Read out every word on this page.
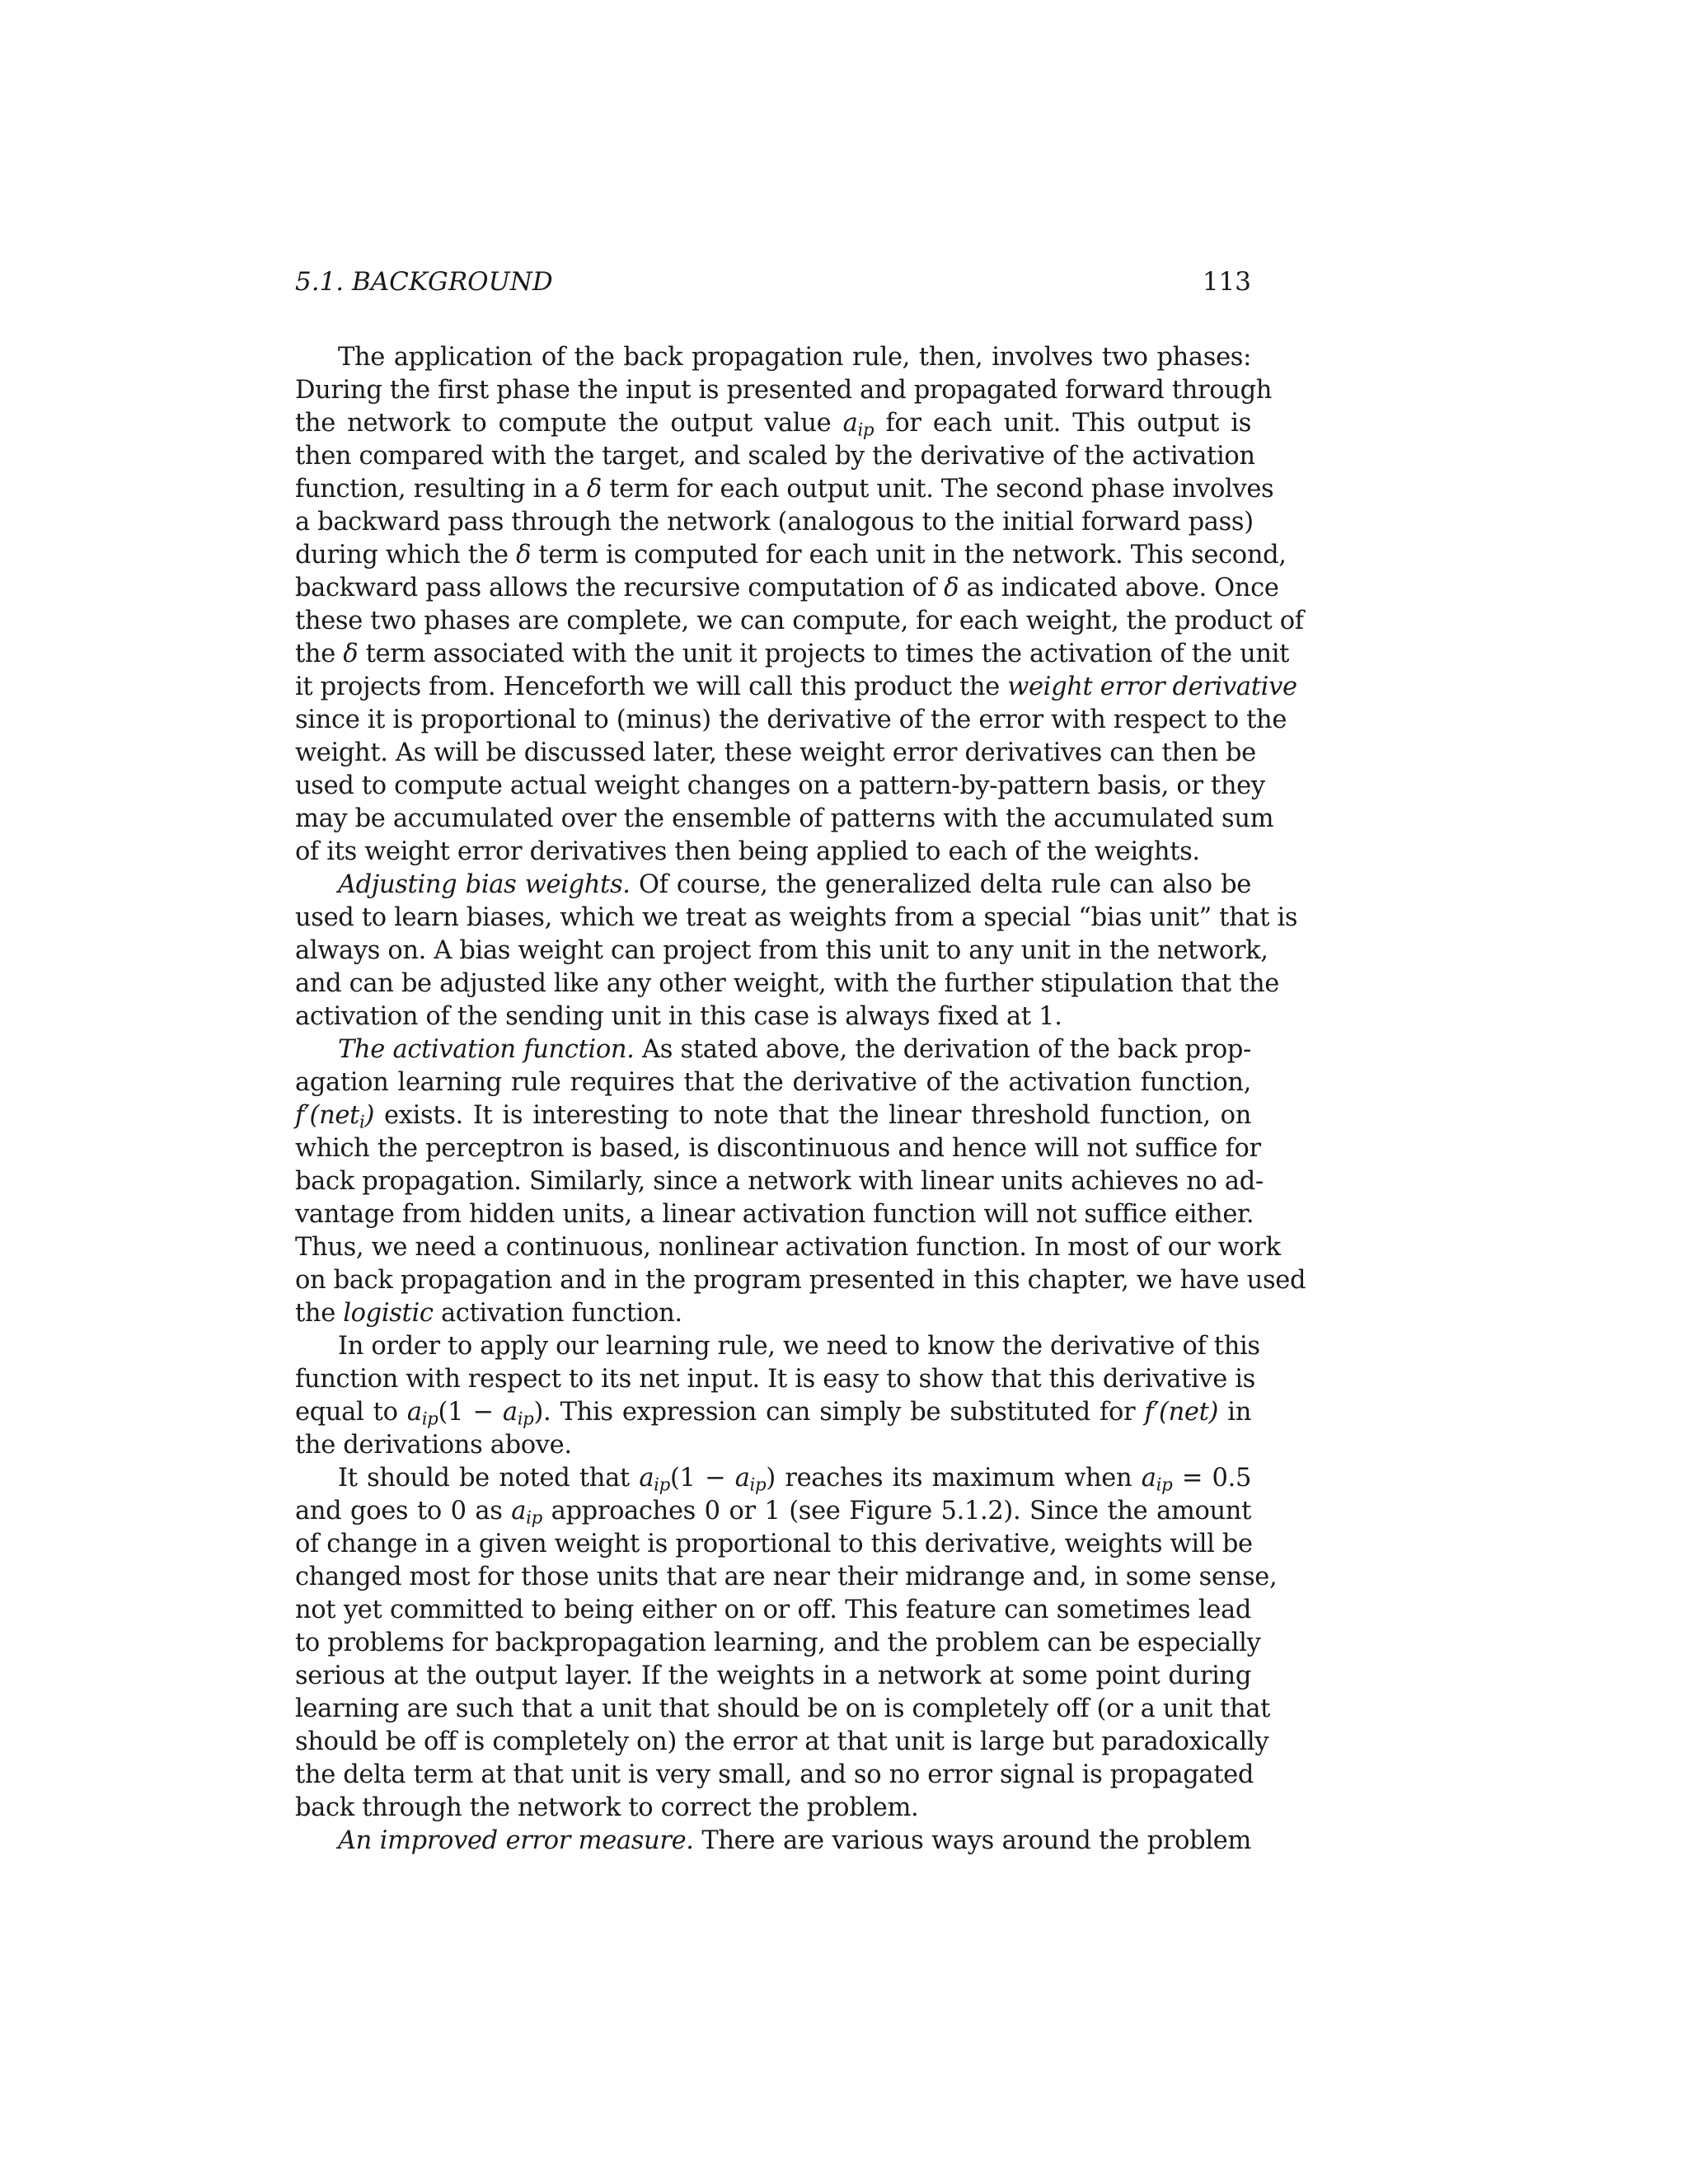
5.1. BACKGROUND	113
The application of the back propagation rule, then, involves two phases:
During the first phase the input is presented and propagated forward through
the network to compute the output value $a_{ip}$ for each unit. This output is
then compared with the target, and scaled by the derivative of the activation
function, resulting in a δ term for each output unit. The second phase involves
a backward pass through the network (analogous to the initial forward pass)
during which the δ term is computed for each unit in the network. This second,
backward pass allows the recursive computation of δ as indicated above. Once
these two phases are complete, we can compute, for each weight, the product of
the δ term associated with the unit it projects to times the activation of the unit
it projects from. Henceforth we will call this product the weight error derivative
since it is proportional to (minus) the derivative of the error with respect to the
weight. As will be discussed later, these weight error derivatives can then be
used to compute actual weight changes on a pattern-by-pattern basis, or they
may be accumulated over the ensemble of patterns with the accumulated sum
of its weight error derivatives then being applied to each of the weights.
Adjusting bias weights. Of course, the generalized delta rule can also be
used to learn biases, which we treat as weights from a special “bias unit” that is
always on. A bias weight can project from this unit to any unit in the network,
and can be adjusted like any other weight, with the further stipulation that the
activation of the sending unit in this case is always fixed at 1.
The activation function. As stated above, the derivation of the back prop-
agation learning rule requires that the derivative of the activation function,
f′(net$_i$) exists. It is interesting to note that the linear threshold function, on
which the perceptron is based, is discontinuous and hence will not suffice for
back propagation. Similarly, since a network with linear units achieves no ad-
vantage from hidden units, a linear activation function will not suffice either.
Thus, we need a continuous, nonlinear activation function. In most of our work
on back propagation and in the program presented in this chapter, we have used
the logistic activation function.
In order to apply our learning rule, we need to know the derivative of this
function with respect to its net input. It is easy to show that this derivative is
equal to $a_{ip}(1 - a_{ip})$. This expression can simply be substituted for f′(net) in
the derivations above.
It should be noted that $a_{ip}(1 - a_{ip})$ reaches its maximum when $a_{ip} = 0.5$
and goes to 0 as $a_{ip}$ approaches 0 or 1 (see Figure 5.1.2). Since the amount
of change in a given weight is proportional to this derivative, weights will be
changed most for those units that are near their midrange and, in some sense,
not yet committed to being either on or off. This feature can sometimes lead
to problems for backpropagation learning, and the problem can be especially
serious at the output layer. If the weights in a network at some point during
learning are such that a unit that should be on is completely off (or a unit that
should be off is completely on) the error at that unit is large but paradoxically
the delta term at that unit is very small, and so no error signal is propagated
back through the network to correct the problem.
An improved error measure. There are various ways around the problem
